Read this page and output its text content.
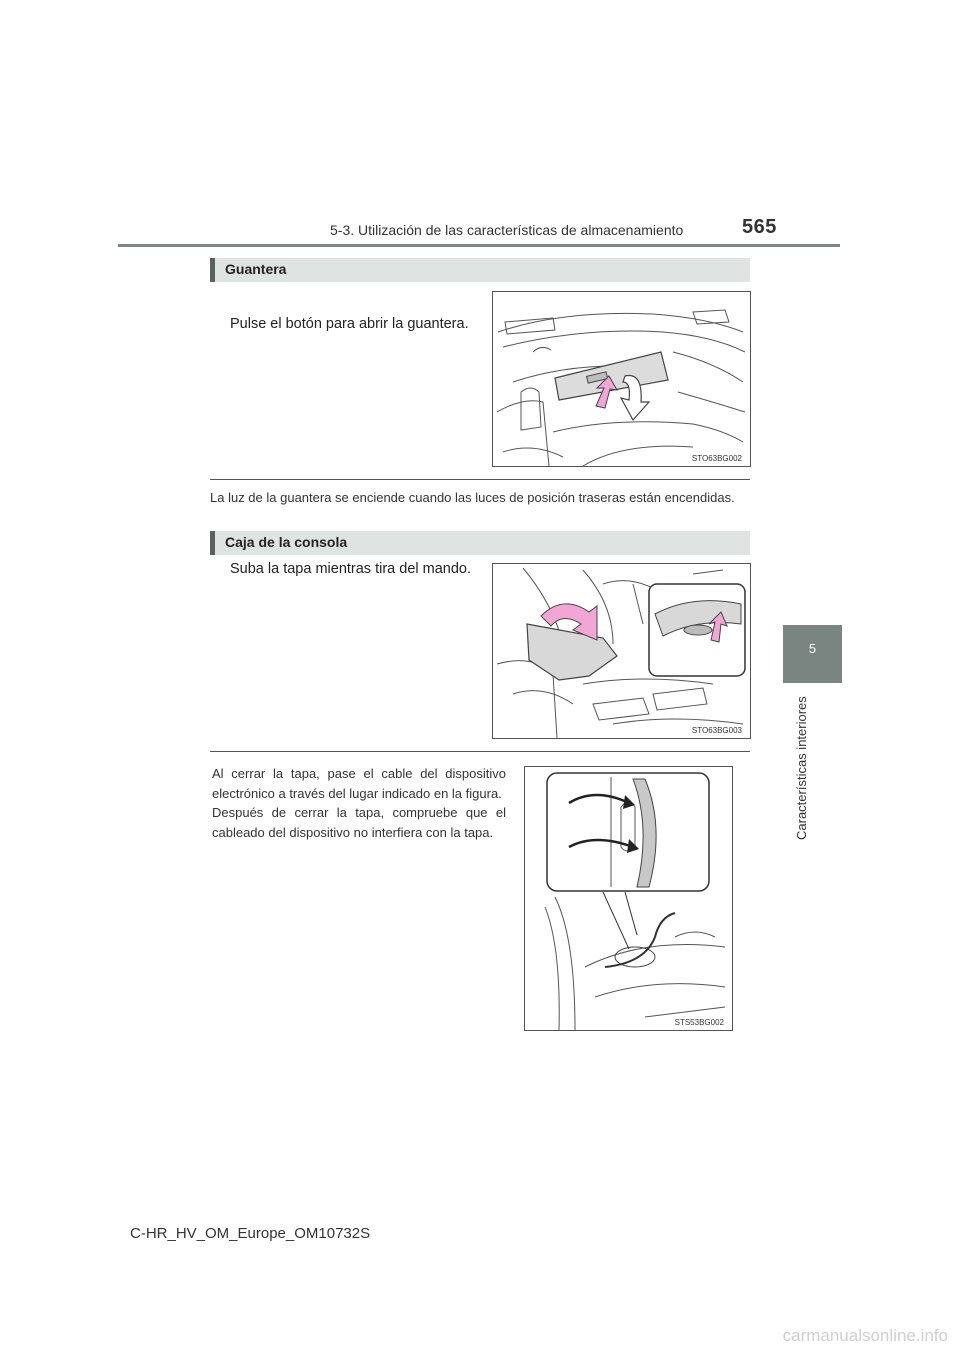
5-3. Utilización de las características de almacenamiento	565
5
Características interiores
Guantera
Pulse el botón para abrir la guantera.
STO63BG002
La luz de la guantera se enciende cuando las luces de posición traseras están encendidas.
Caja de la consola
Suba la tapa mientras tira del mando.
STO63BG003
Al cerrar la tapa, pase el cable del dispositivo electrónico a través del lugar indicado en la figura.
Después de cerrar la tapa, compruebe que el cableado del dispositivo no interfiera con la tapa.
STS53BG002
C-HR_HV_OM_Europe_OM10732S
carmanualsonline.info
